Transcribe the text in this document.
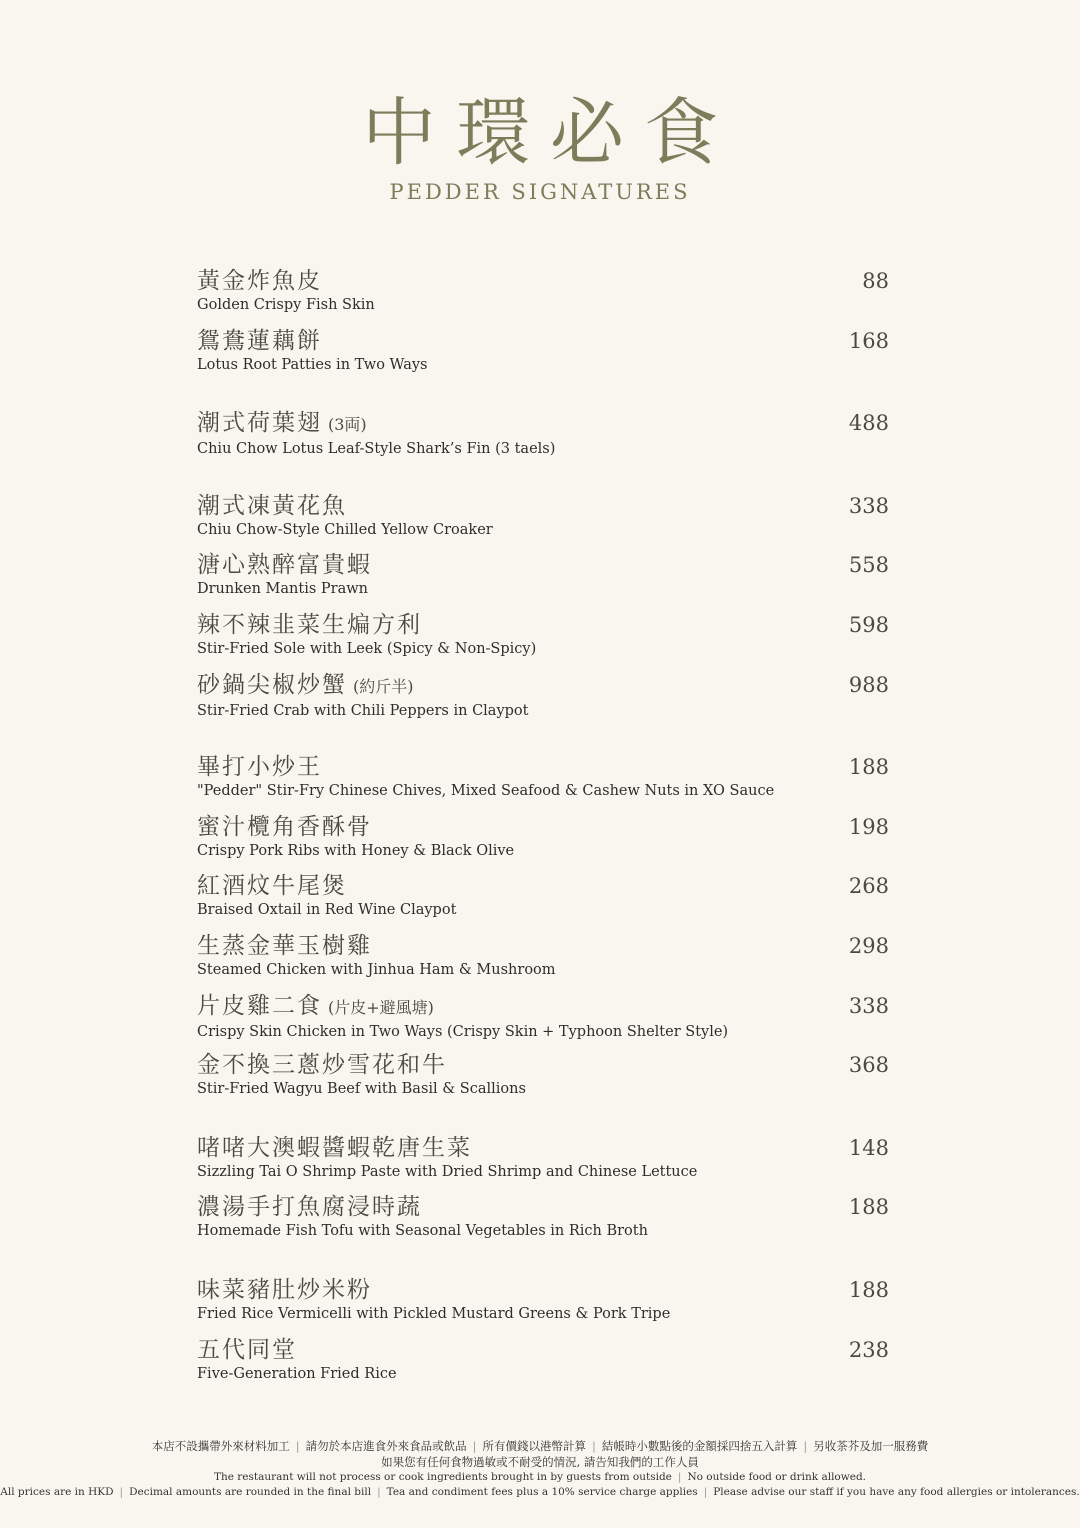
中環必食
PEDDER SIGNATURES
黃金炸魚皮
Golden Crispy Fish Skin
88
鴛鴦蓮藕餅
Lotus Root Patties in Two Ways
168
潮式荷葉翅 (3両)
Chiu Chow Lotus Leaf-Style Shark’s Fin (3 taels)
488
潮式凍黃花魚
Chiu Chow-Style Chilled Yellow Croaker
338
溏心熟醉富貴蝦
Drunken Mantis Prawn
558
辣不辣韭菜生煸方利
Stir-Fried Sole with Leek (Spicy & Non-Spicy)
598
砂鍋尖椒炒蟹 (約斤半)
Stir-Fried Crab with Chili Peppers in Claypot
988
畢打小炒王
"Pedder" Stir-Fry Chinese Chives, Mixed Seafood & Cashew Nuts in XO Sauce
188
蜜汁欖角香酥骨
Crispy Pork Ribs with Honey & Black Olive
198
紅酒炆牛尾煲
Braised Oxtail in Red Wine Claypot
268
生蒸金華玉樹雞
Steamed Chicken with Jinhua Ham & Mushroom
298
片皮雞二食 (片皮+避風塘)
Crispy Skin Chicken in Two Ways (Crispy Skin + Typhoon Shelter Style)
338
金不換三蔥炒雪花和牛
Stir-Fried Wagyu Beef with Basil & Scallions
368
啫啫大澳蝦醬蝦乾唐生菜
Sizzling Tai O Shrimp Paste with Dried Shrimp and Chinese Lettuce
148
濃湯手打魚腐浸時蔬
Homemade Fish Tofu with Seasonal Vegetables in Rich Broth
188
味菜豬肚炒米粉
Fried Rice Vermicelli with Pickled Mustard Greens & Pork Tripe
188
五代同堂
Five-Generation Fried Rice
238
本店不設攜帶外來材料加工 | 請勿於本店進食外來食品或飲品 | 所有價錢以港幣計算 | 結帳時小數點後的金額採四捨五入計算 | 另收茶芥及加一服務費
如果您有任何食物過敏或不耐受的情況, 請告知我們的工作人員
The restaurant will not process or cook ingredients brought in by guests from outside | No outside food or drink allowed.
All prices are in HKD | Decimal amounts are rounded in the final bill | Tea and condiment fees plus a 10% service charge applies | Please advise our staff if you have any food allergies or intolerances.
